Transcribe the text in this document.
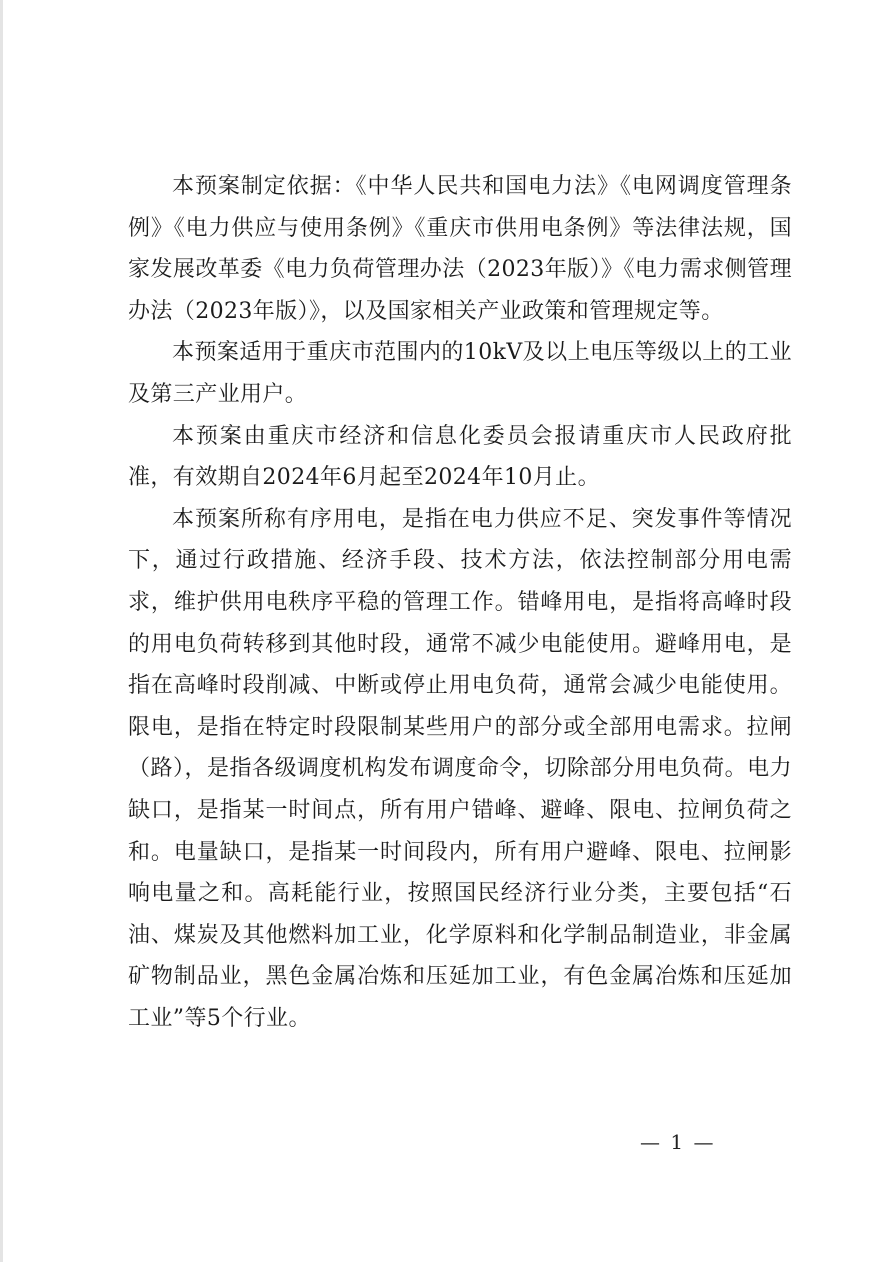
本预案制定依据：《中华人民共和国电力法》《电网调度管理条例》《电力供应与使用条例》《重庆市供用电条例》等法律法规，国家发展改革委《电力负荷管理办法（2023年版）》《电力需求侧管理办法（2023年版）》，以及国家相关产业政策和管理规定等。

本预案适用于重庆市范围内的10kV及以上电压等级以上的工业及第三产业用户。

本预案由重庆市经济和信息化委员会报请重庆市人民政府批准，有效期自2024年6月起至2024年10月止。

本预案所称有序用电，是指在电力供应不足、突发事件等情况下，通过行政措施、经济手段、技术方法，依法控制部分用电需求，维护供用电秩序平稳的管理工作。错峰用电，是指将高峰时段的用电负荷转移到其他时段，通常不减少电能使用。避峰用电，是指在高峰时段削减、中断或停止用电负荷，通常会减少电能使用。限电，是指在特定时段限制某些用户的部分或全部用电需求。拉闸（路），是指各级调度机构发布调度命令，切除部分用电负荷。电力缺口，是指某一时间点，所有用户错峰、避峰、限电、拉闸负荷之和。电量缺口，是指某一时间段内，所有用户避峰、限电、拉闸影响电量之和。高耗能行业，按照国民经济行业分类，主要包括“石油、煤炭及其他燃料加工业，化学原料和化学制品制造业，非金属矿物制品业，黑色金属冶炼和压延加工业，有色金属冶炼和压延加工业”等5个行业。

— 1 —
